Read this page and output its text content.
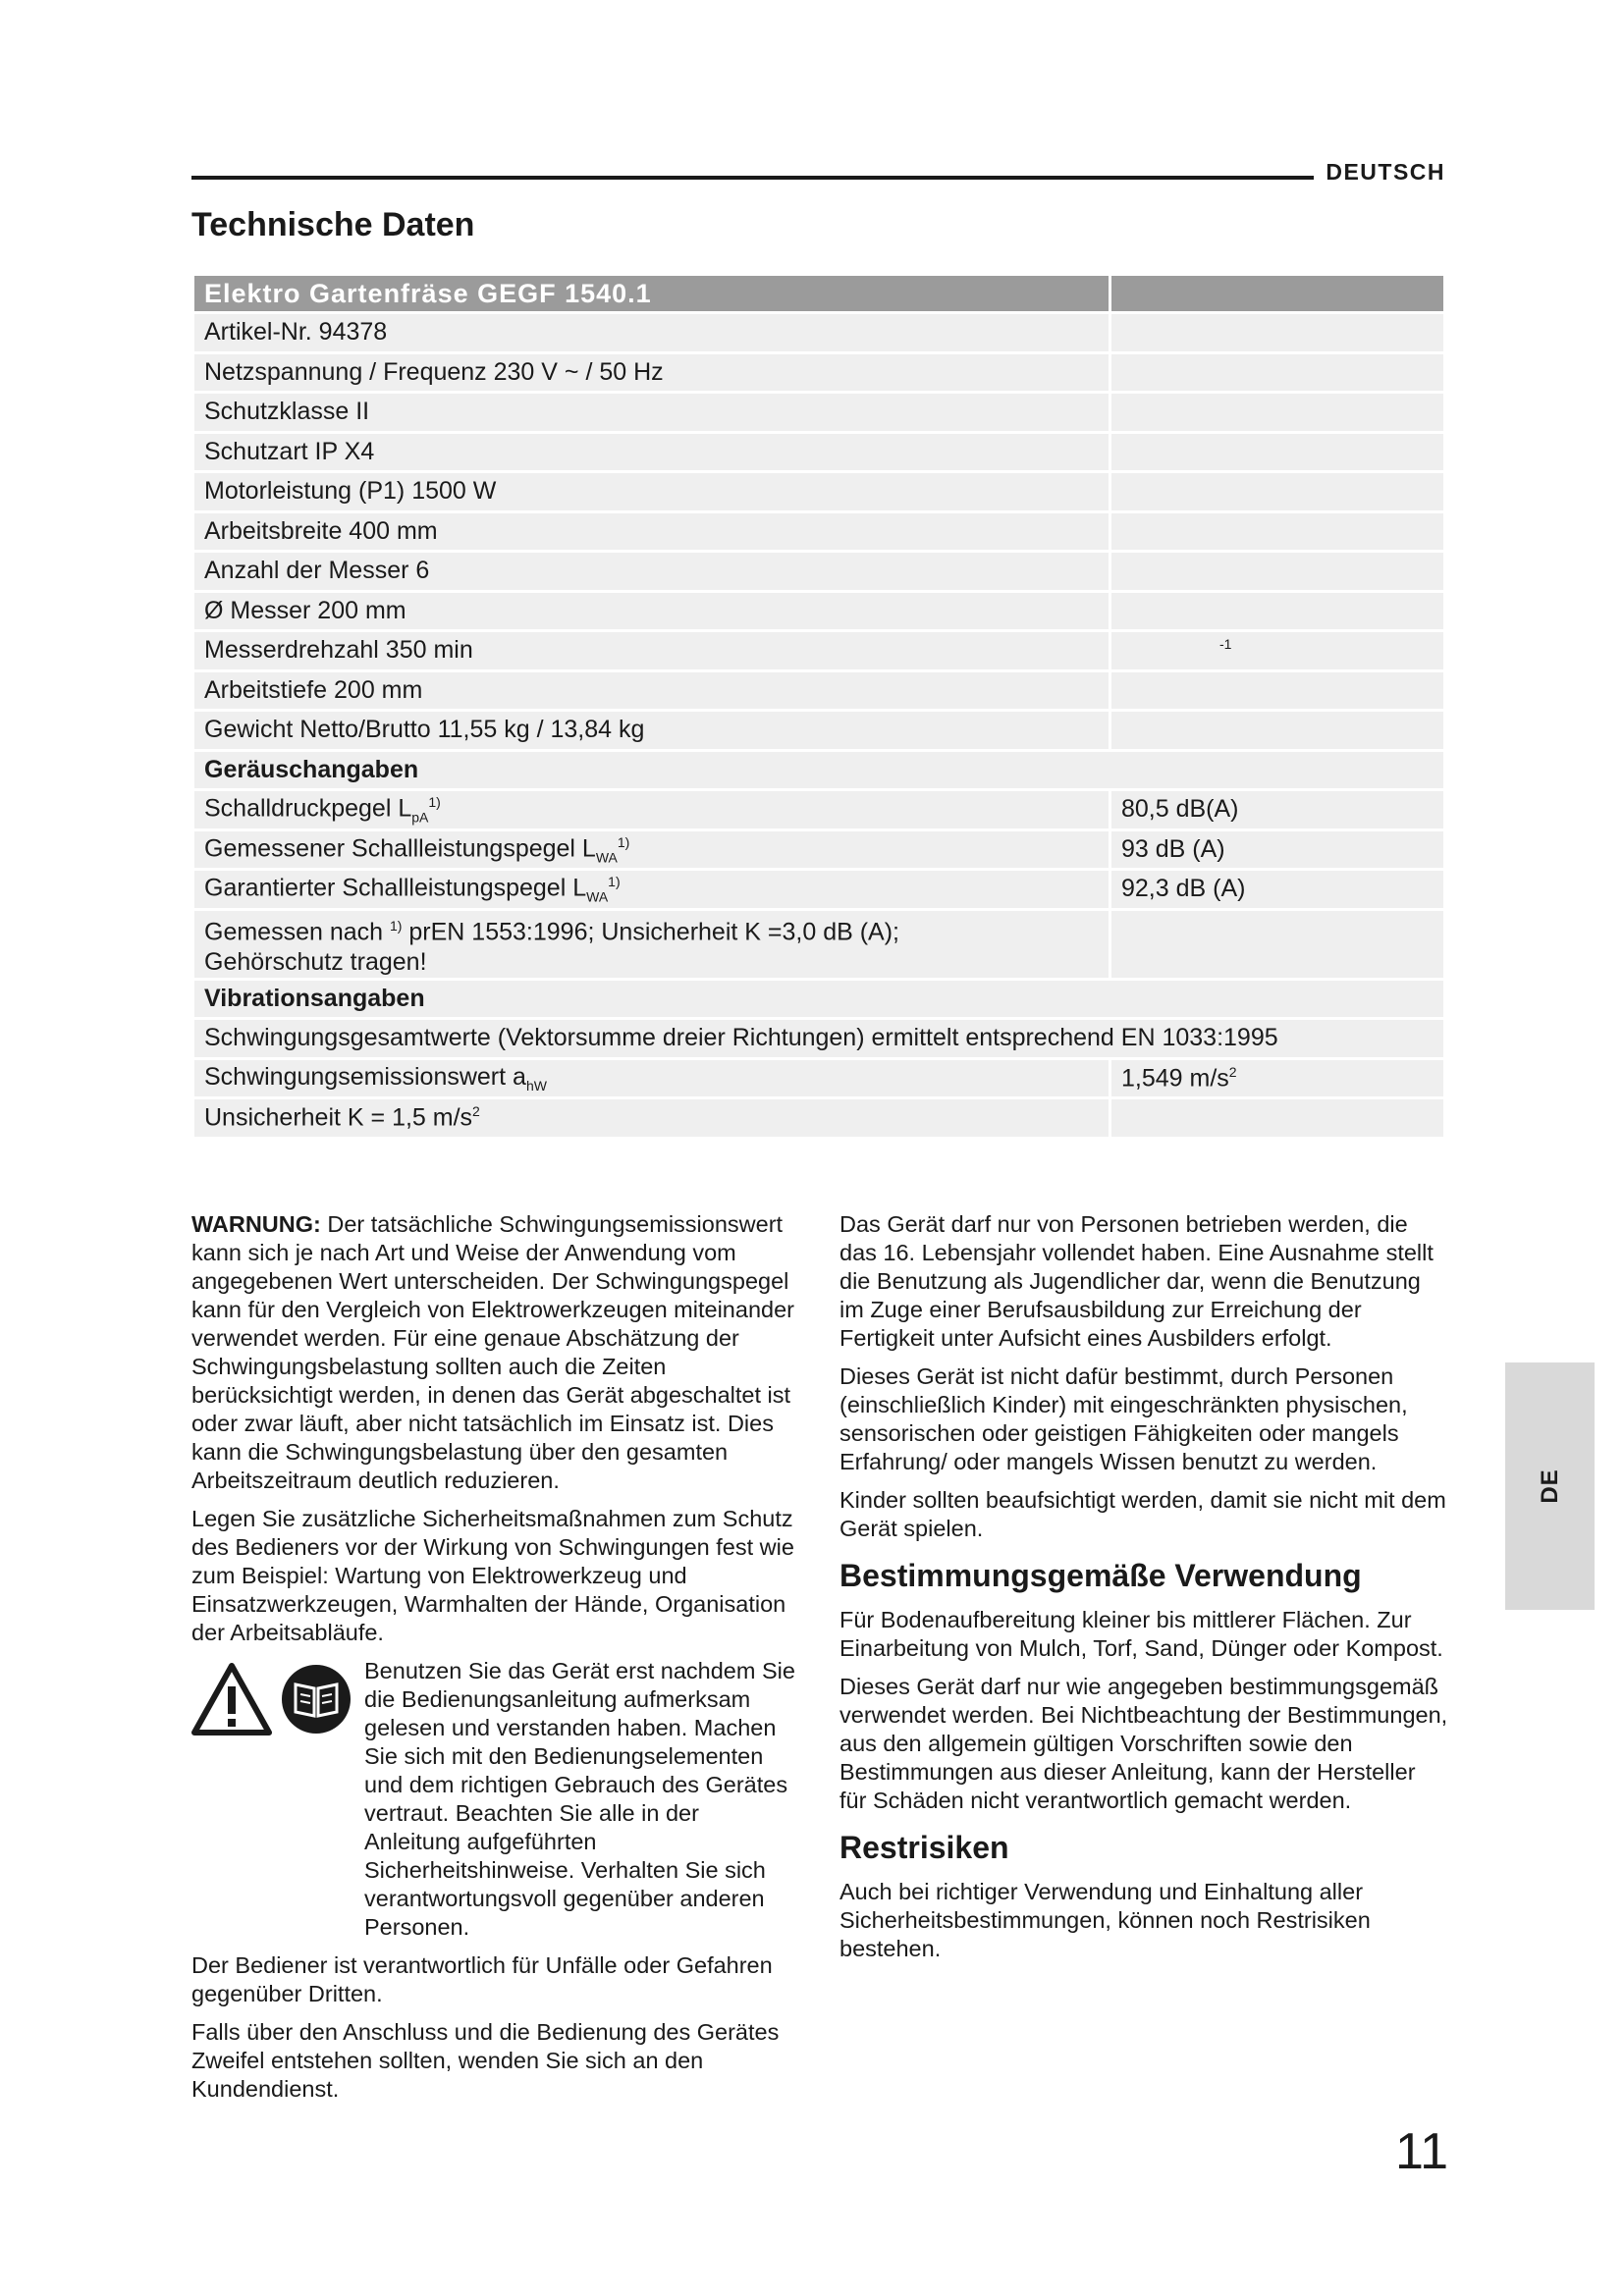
DEUTSCH
Technische Daten
Elektro Gartenfräse GEGF 1540.1	
Artikel-Nr. 94378	
Netzspannung / Frequenz 230 V ~ / 50 Hz	
Schutzklasse II	
Schutzart IP X4	
Motorleistung (P1) 1500 W	
Arbeitsbreite 400 mm	
Anzahl der Messer 6	
Ø Messer 200 mm	
Messerdrehzahl 350 min	-1
Arbeitstiefe 200 mm	
Gewicht Netto/Brutto 11,55 kg / 13,84 kg	
Geräuschangaben	
Schalldruckpegel $L_{pA}^{1)}$	80,5 dB(A)
Gemessener Schallleistungspegel $L_{WA}^{1)}$	93 dB (A)
Garantierter Schallleistungspegel $L_{WA}^{1)}$	92,3 dB (A)
Gemessen nach $^{1)}$ prEN 1553:1996; Unsicherheit K =3,0 dB (A);
Gehörschutz tragen!	
Vibrationsangaben	
Schwingungsgesamtwerte (Vektorsumme dreier Richtungen) ermittelt entsprechend EN 1033:1995	
Schwingungsemissionswert $a_{hW}$	1,549 $m/s^2$
Unsicherheit K = 1,5 $m/s^2$	

WARNUNG: Der tatsächliche Schwingungsemissionswert kann sich je nach Art und Weise der Anwendung vom angegebenen Wert unterscheiden. Der Schwingungspegel kann für den Vergleich von Elektrowerkzeugen miteinander verwendet werden. Für eine genaue Abschätzung der Schwingungsbelastung sollten auch die Zeiten berücksichtigt werden, in denen das Gerät abgeschaltet ist oder zwar läuft, aber nicht tatsächlich im Einsatz ist. Dies kann die Schwingungsbelastung über den gesamten Arbeitszeitraum deutlich reduzieren.

Legen Sie zusätzliche Sicherheitsmaßnahmen zum Schutz des Bedieners vor der Wirkung von Schwingungen fest wie zum Beispiel: Wartung von Elektrowerkzeug und Einsatzwerkzeugen, Warmhalten der Hände, Organisation der Arbeitsabläufe.

Benutzen Sie das Gerät erst nachdem Sie die Bedienungsanleitung aufmerksam gelesen und verstanden haben. Machen Sie sich mit den Bedienungselementen und dem richtigen Gebrauch des Gerätes vertraut. Beachten Sie alle in der Anleitung aufgeführten Sicherheitshinweise. Verhalten Sie sich verantwortungsvoll gegenüber anderen Personen.

Der Bediener ist verantwortlich für Unfälle oder Gefahren gegenüber Dritten.

Falls über den Anschluss und die Bedienung des Gerätes Zweifel entstehen sollten, wenden Sie sich an den Kundendienst.

Das Gerät darf nur von Personen betrieben werden, die das 16. Lebensjahr vollendet haben. Eine Ausnahme stellt die Benutzung als Jugendlicher dar, wenn die Benutzung im Zuge einer Berufsausbildung zur Erreichung der Fertigkeit unter Aufsicht eines Ausbilders erfolgt.

Dieses Gerät ist nicht dafür bestimmt, durch Personen (einschließlich Kinder) mit eingeschränkten physischen, sensorischen oder geistigen Fähigkeiten oder mangels Erfahrung/ oder mangels Wissen benutzt zu werden.

Kinder sollten beaufsichtigt werden, damit sie nicht mit dem Gerät spielen.

Bestimmungsgemäße Verwendung

Für Bodenaufbereitung kleiner bis mittlerer Flächen. Zur Einarbeitung von Mulch, Torf, Sand, Dünger oder Kompost.

Dieses Gerät darf nur wie angegeben bestimmungsgemäß verwendet werden. Bei Nichtbeachtung der Bestimmungen, aus den allgemein gültigen Vorschriften sowie den Bestimmungen aus dieser Anleitung, kann der Hersteller für Schäden nicht verantwortlich gemacht werden.

Restrisiken

Auch bei richtiger Verwendung und Einhaltung aller Sicherheitsbestimmungen, können noch Restrisiken bestehen.

DE
11
